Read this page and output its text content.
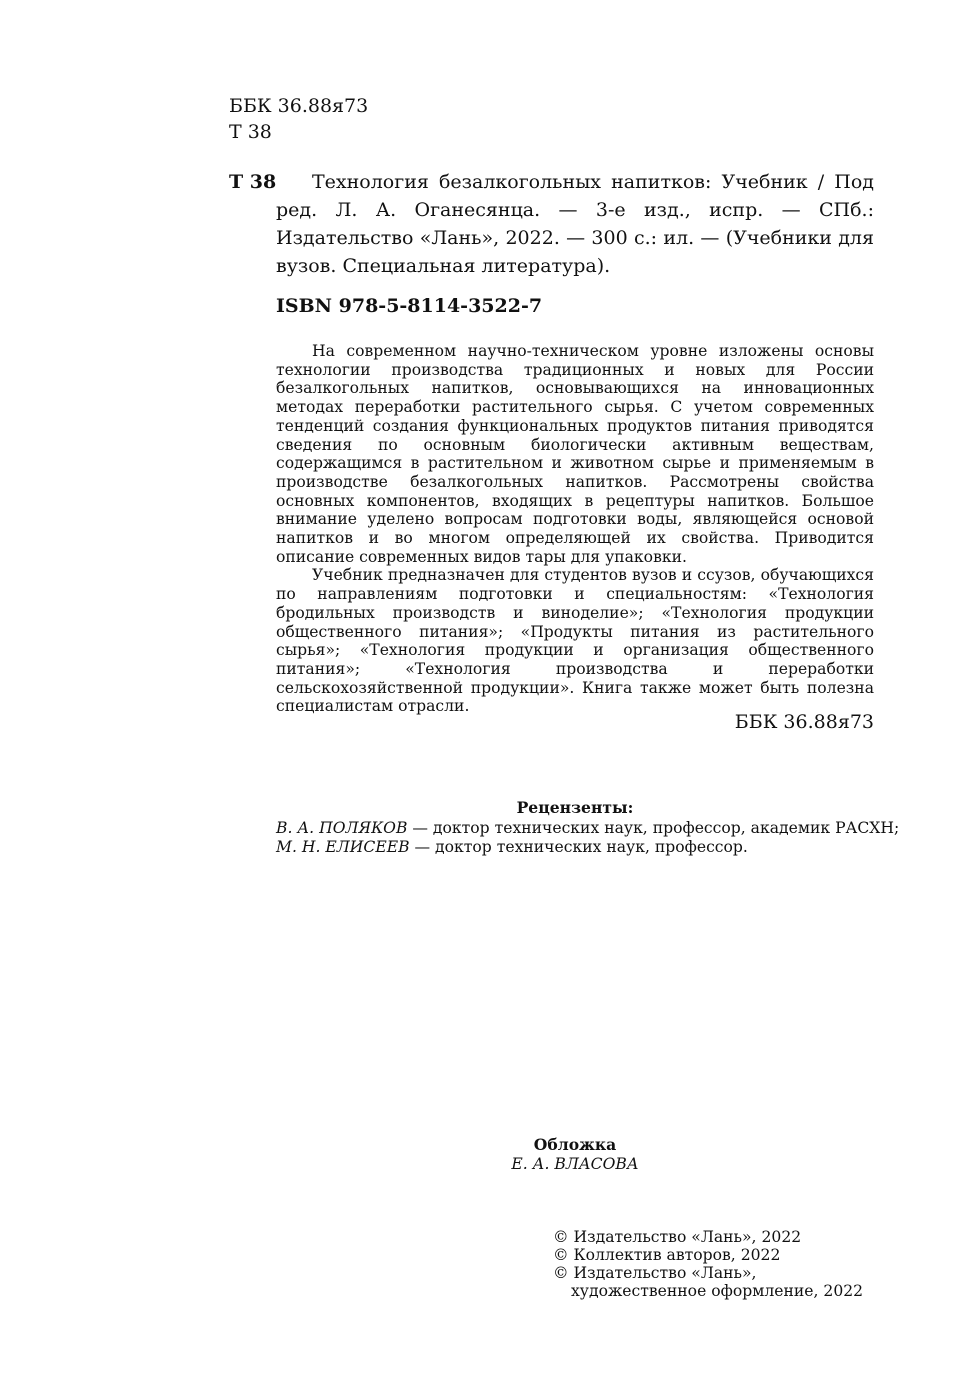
ББК 36.88я73
Т 38
Т 38	Технология безалкогольных напитков: Учебник / Под ред. Л. А. Оганесянца. — 3-е изд., испр. — СПб.: Издательство «Лань», 2022. — 300 с.: ил. — (Учебники для вузов. Специальная литература).
ISBN 978-5-8114-3522-7

На современном научно-техническом уровне изложены основы технологии производства традиционных и новых для России безалкогольных напитков, основывающихся на инновационных методах переработки растительного сырья. С учетом современных тенденций создания функциональных продуктов питания приводятся сведения по основным биологически активным веществам, содержащимся в растительном и животном сырье и применяемым в производстве безалкогольных напитков. Рассмотрены свойства основных компонентов, входящих в рецептуры напитков. Большое внимание уделено вопросам подготовки воды, являющейся основой напитков и во многом определяющей их свойства. Приводится описание современных видов тары для упаковки.

Учебник предназначен для студентов вузов и ссузов, обучающихся по направлениям подготовки и специальностям: «Технология бродильных производств и виноделие»; «Технология продукции общественного питания»; «Продукты питания из растительного сырья»; «Технология продукции и организация общественного питания»; «Технология производства и переработки сельскохозяйственной продукции». Книга также может быть полезна специалистам отрасли.

ББК 36.88я73
Рецензенты:
В. А. ПОЛЯКОВ — доктор технических наук, профессор, академик РАСХН;
М. Н. ЕЛИСЕЕВ — доктор технических наук, профессор.
Обложка
Е. А. ВЛАСОВА
© Издательство «Лань», 2022
© Коллектив авторов, 2022
© Издательство «Лань»,
художественное оформление, 2022
